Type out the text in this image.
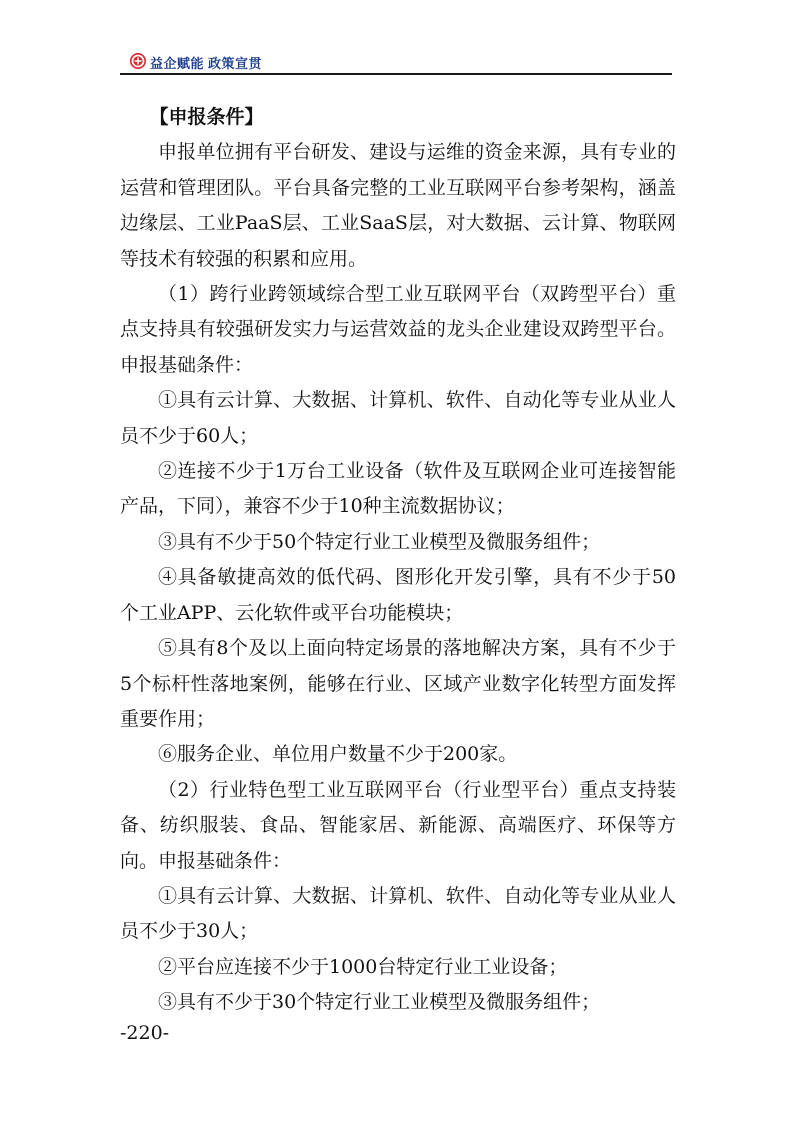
益企赋能 政策宣贯

【申报条件】

申报单位拥有平台研发、建设与运维的资金来源，具有专业的运营和管理团队。平台具备完整的工业互联网平台参考架构，涵盖边缘层、工业PaaS层、工业SaaS层，对大数据、云计算、物联网等技术有较强的积累和应用。

（1）跨行业跨领域综合型工业互联网平台（双跨型平台）重点支持具有较强研发实力与运营效益的龙头企业建设双跨型平台。申报基础条件：

①具有云计算、大数据、计算机、软件、自动化等专业从业人员不少于60人；

②连接不少于1万台工业设备（软件及互联网企业可连接智能产品，下同），兼容不少于10种主流数据协议；

③具有不少于50个特定行业工业模型及微服务组件；

④具备敏捷高效的低代码、图形化开发引擎，具有不少于50个工业APP、云化软件或平台功能模块；

⑤具有8个及以上面向特定场景的落地解决方案，具有不少于5个标杆性落地案例，能够在行业、区域产业数字化转型方面发挥重要作用；

⑥服务企业、单位用户数量不少于200家。

（2）行业特色型工业互联网平台（行业型平台）重点支持装备、纺织服装、食品、智能家居、新能源、高端医疗、环保等方向。申报基础条件：

①具有云计算、大数据、计算机、软件、自动化等专业从业人员不少于30人；

②平台应连接不少于1000台特定行业工业设备；

③具有不少于30个特定行业工业模型及微服务组件；

-220-
